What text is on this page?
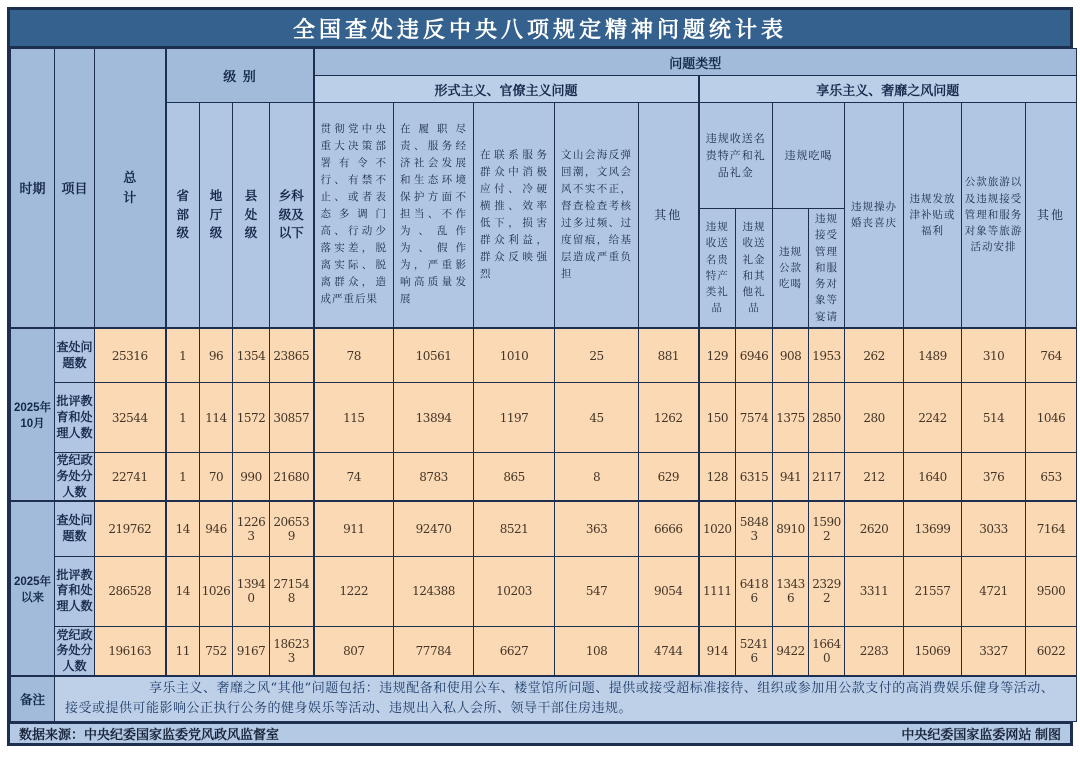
全国查处违反中央八项规定精神问题统计表
时期	项目	总计	级别				问题类型												
							形式主义、官僚主义问题					享乐主义、奢靡之风问题							
			省部级	地厅级	县处级	乡科级及以下	贯彻党中央重大决策部署有令不行、有禁不止、或者表态多调门高、行动少落实差，脱离实际、脱离群众，造成严重后果	在履职尽责、服务经济社会发展和生态环境保护方面不担当、不作为、乱作为、假作为，严重影响高质量发展	在联系服务群众中消极应付、冷硬横推、效率低下，损害群众利益，群众反映强烈	文山会海反弹回潮，文风会风不实不正，督查检查考核过多过频、过度留痕，给基层造成严重负担	其他	违规收送名贵特产和礼品礼金		违规吃喝		违规操办婚丧喜庆	违规发放津补贴或福利	公款旅游以及违规接受管理和服务对象等旅游活动安排	其他
												违规收送名贵特产类礼品	违规收送礼金和其他礼品	违规公款吃喝	违规接受管理和服务对象等宴请				
2025年10月	查处问题数	25316	1	96	1354	23865	78	10561	1010	25	881	129	6946	908	1953	262	1489	310	764
	批评教育和处理人数	32544	1	114	1572	30857	115	13894	1197	45	1262	150	7574	1375	2850	280	2242	514	1046
	党纪政务处分人数	22741	1	70	990	21680	74	8783	865	8	629	128	6315	941	2117	212	1640	376	653
2025年以来	查处问题数	219762	14	946	12263	206539	911	92470	8521	363	6666	1020	58483	8910	15902	2620	13699	3033	7164
	批评教育和处理人数	286528	14	1026	13940	271548	1222	124388	10203	547	9054	1111	64186	13436	23292	3311	21557	4721	9500
	党纪政务处分人数	196163	11	752	9167	186233	807	77784	6627	108	4744	914	52416	9422	16640	2283	15069	3327	6022
备注	享乐主义、奢靡之风“其他”问题包括：违规配备和使用公车、楼堂馆所问题、提供或接受超标准接待、组织或参加用公款支付的高消费娱乐健身等活动、接受或提供可能影响公正执行公务的健身娱乐等活动、违规出入私人会所、领导干部住房违规。																		
数据来源：中央纪委国家监委党风政风监督室	中央纪委国家监委网站 制图
